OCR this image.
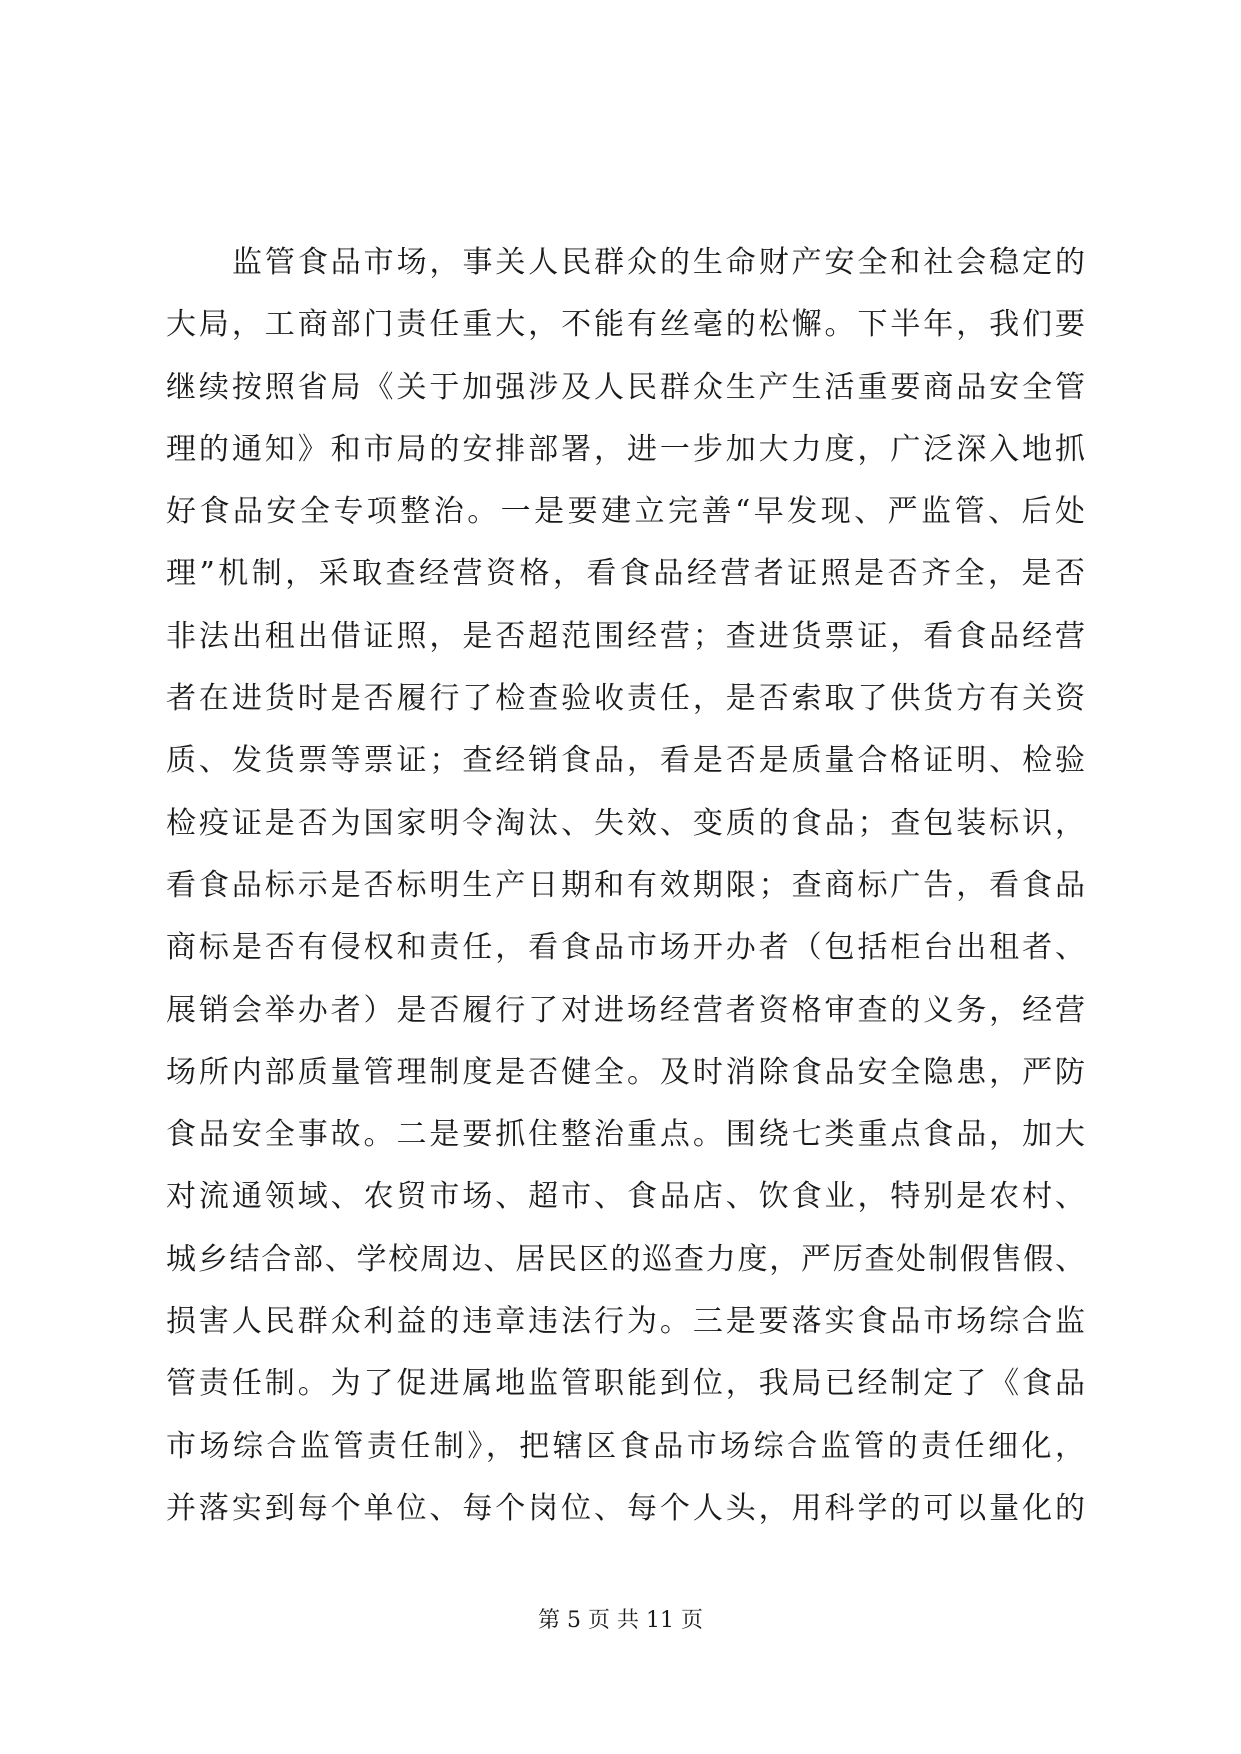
监管食品市场，事关人民群众的生命财产安全和社会稳定的
大局，工商部门责任重大，不能有丝毫的松懈。下半年，我们要
继续按照省局《关于加强涉及人民群众生产生活重要商品安全管
理的通知》和市局的安排部署，进一步加大力度，广泛深入地抓
好食品安全专项整治。一是要建立完善“早发现、严监管、后处
理”机制，采取查经营资格，看食品经营者证照是否齐全，是否
非法出租出借证照，是否超范围经营；查进货票证，看食品经营
者在进货时是否履行了检查验收责任，是否索取了供货方有关资
质、发货票等票证；查经销食品，看是否是质量合格证明、检验
检疫证是否为国家明令淘汰、失效、变质的食品；查包装标识，
看食品标示是否标明生产日期和有效期限；查商标广告，看食品
商标是否有侵权和责任，看食品市场开办者（包括柜台出租者、
展销会举办者）是否履行了对进场经营者资格审查的义务，经营
场所内部质量管理制度是否健全。及时消除食品安全隐患，严防
食品安全事故。二是要抓住整治重点。围绕七类重点食品，加大
对流通领域、农贸市场、超市、食品店、饮食业，特别是农村、
城乡结合部、学校周边、居民区的巡查力度，严厉查处制假售假、
损害人民群众利益的违章违法行为。三是要落实食品市场综合监
管责任制。为了促进属地监管职能到位，我局已经制定了《食品
市场综合监管责任制》，把辖区食品市场综合监管的责任细化，
并落实到每个单位、每个岗位、每个人头，用科学的可以量化的
第 5 页 共 11 页
